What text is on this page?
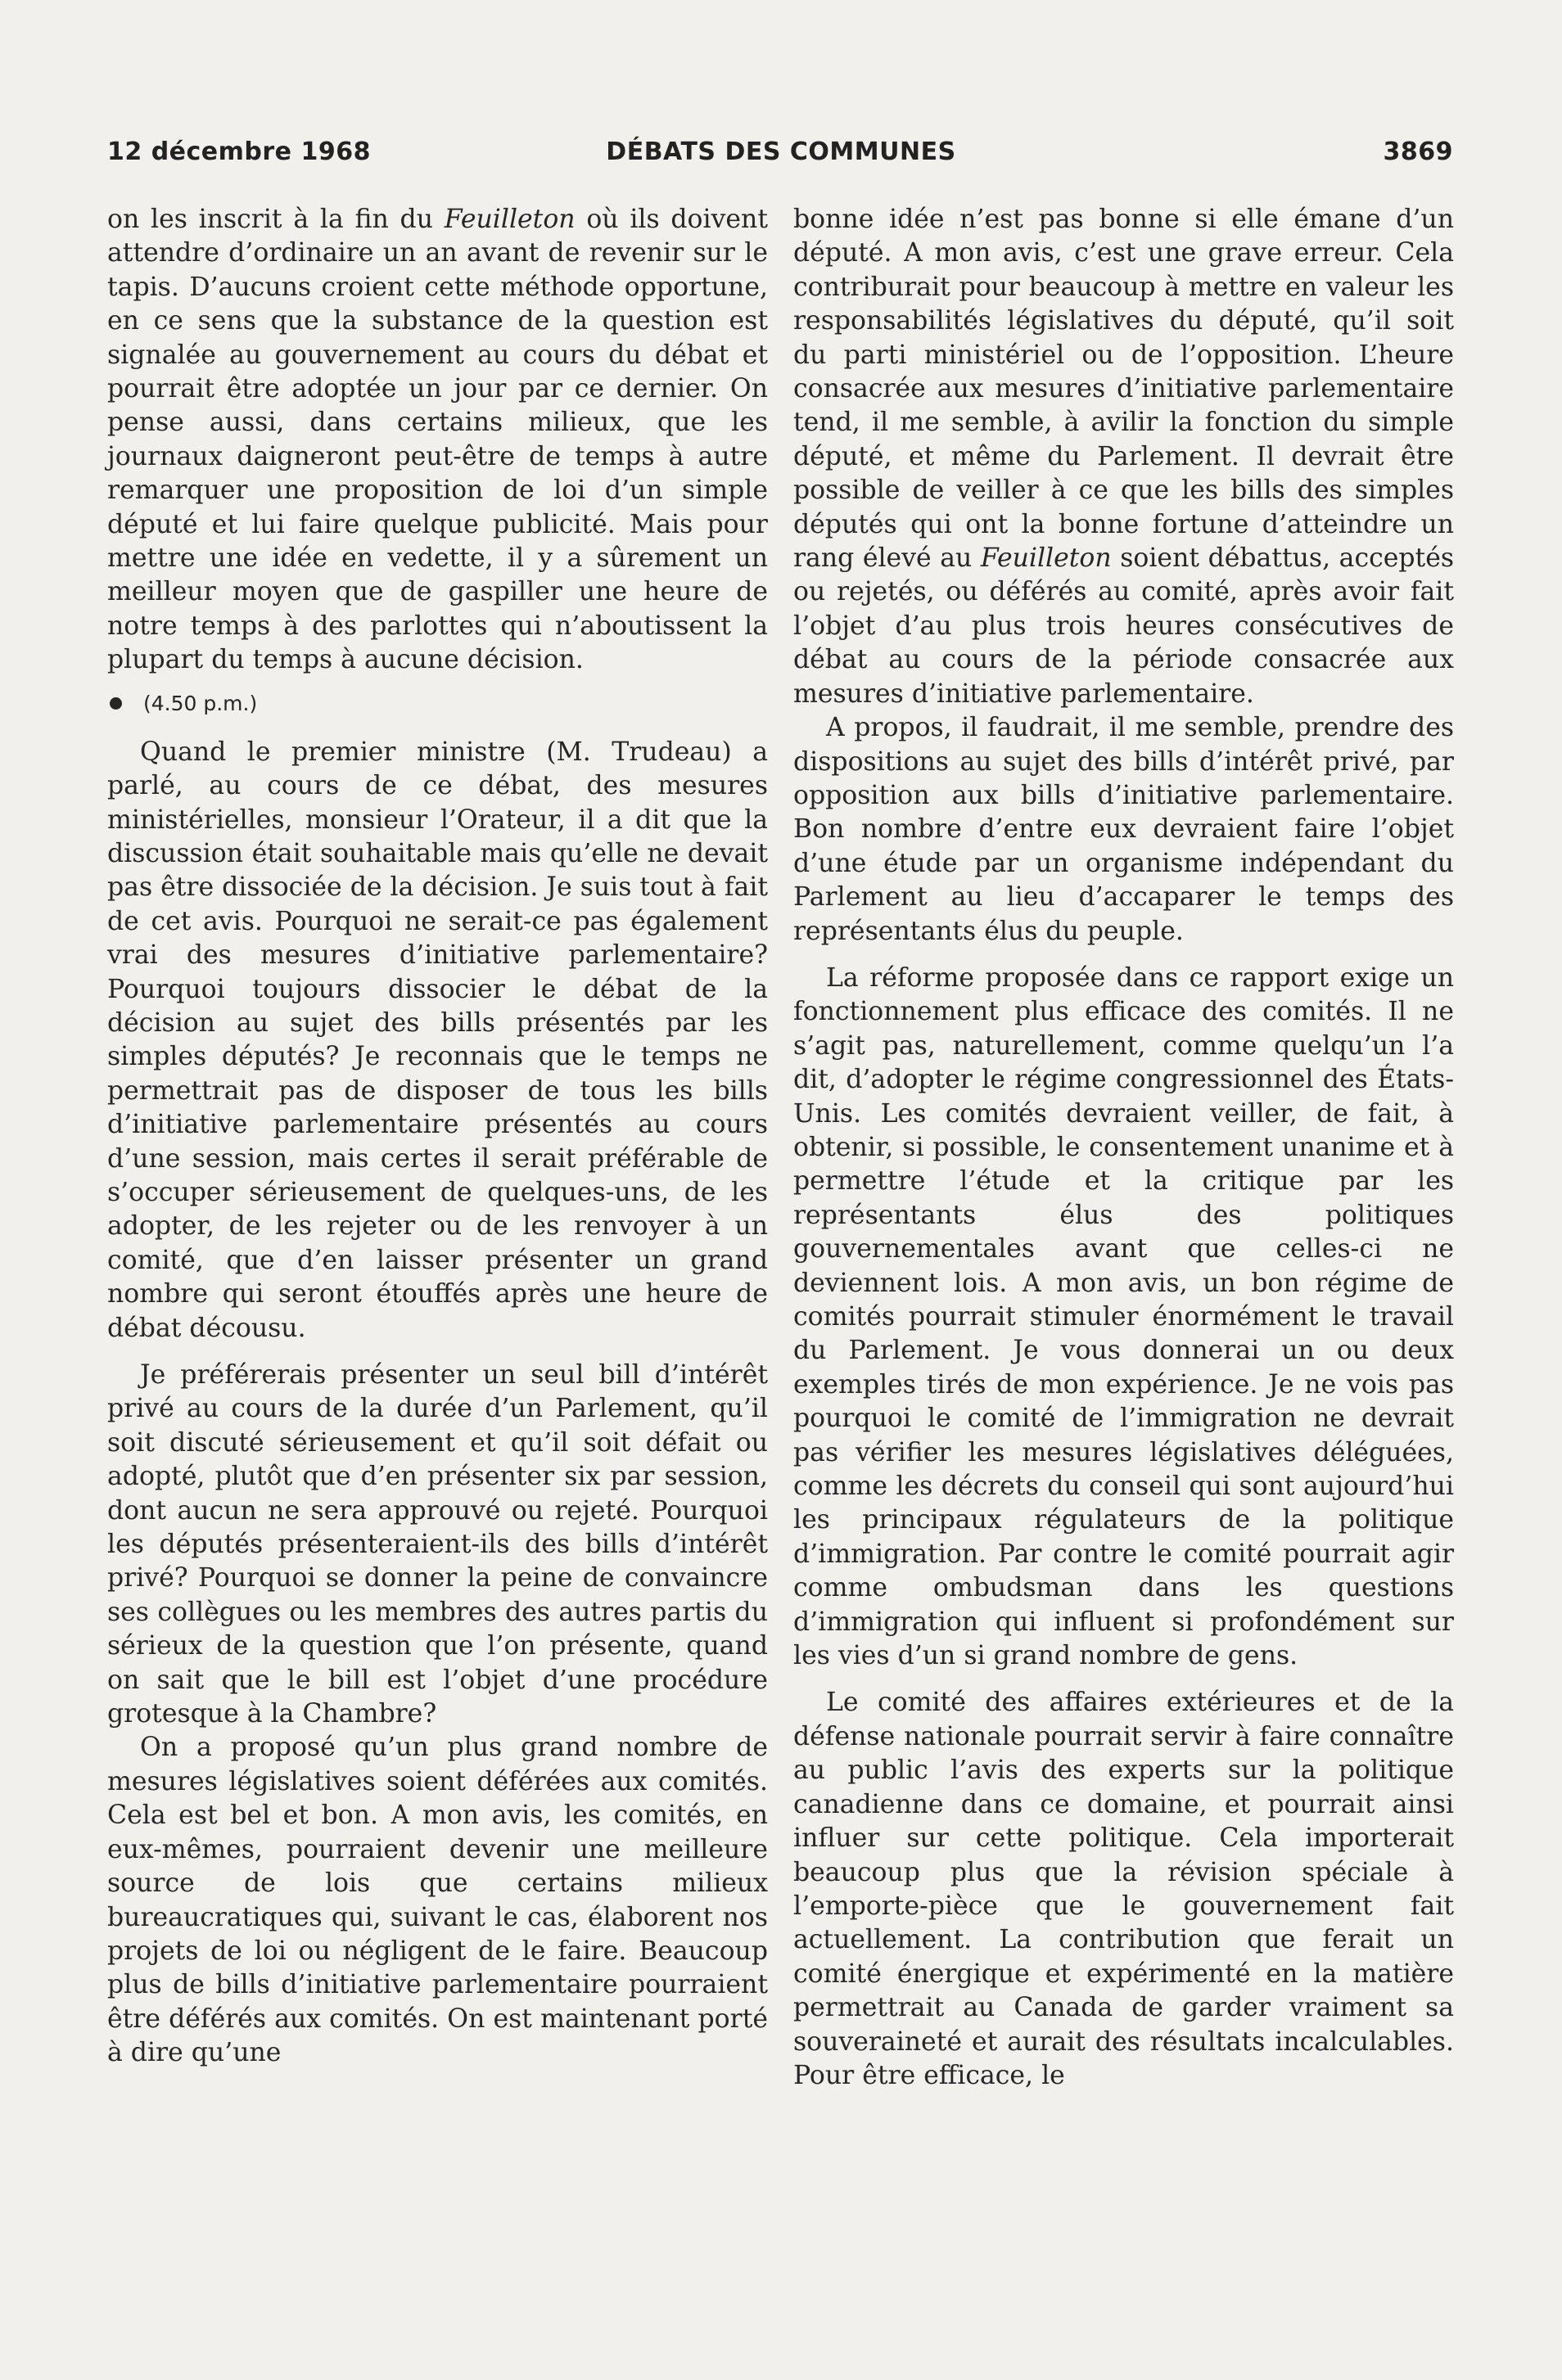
DÉBATS DES COMMUNES
12 décembre 1968	3869

on les inscrit à la fin du Feuilleton où ils doivent attendre d’ordinaire un an avant de revenir sur le tapis. D’aucuns croient cette méthode opportune, en ce sens que la substance de la question est signalée au gouvernement au cours du débat et pourrait être adoptée un jour par ce dernier. On pense aussi, dans certains milieux, que les journaux daigneront peut-être de temps à autre remarquer une proposition de loi d’un simple député et lui faire quelque publicité. Mais pour mettre une idée en vedette, il y a sûrement un meilleur moyen que de gaspiller une heure de notre temps à des parlottes qui n’aboutissent la plupart du temps à aucune décision.

(4.50 p.m.)

Quand le premier ministre (M. Trudeau) a parlé, au cours de ce débat, des mesures ministérielles, monsieur l’Orateur, il a dit que la discussion était souhaitable mais qu’elle ne devait pas être dissociée de la décision. Je suis tout à fait de cet avis. Pourquoi ne serait-ce pas également vrai des mesures d’initiative parlementaire? Pourquoi toujours dissocier le débat de la décision au sujet des bills présentés par les simples députés? Je reconnais que le temps ne permettrait pas de disposer de tous les bills d’initiative parlementaire présentés au cours d’une session, mais certes il serait préférable de s’occuper sérieusement de quelques-uns, de les adopter, de les rejeter ou de les renvoyer à un comité, que d’en laisser présenter un grand nombre qui seront étouffés après une heure de débat décousu.

Je préférerais présenter un seul bill d’intérêt privé au cours de la durée d’un Parlement, qu’il soit discuté sérieusement et qu’il soit défait ou adopté, plutôt que d’en présenter six par session, dont aucun ne sera approuvé ou rejeté. Pourquoi les députés présenteraient-ils des bills d’intérêt privé? Pourquoi se donner la peine de convaincre ses collègues ou les membres des autres partis du sérieux de la question que l’on présente, quand on sait que le bill est l’objet d’une procédure grotesque à la Chambre?

On a proposé qu’un plus grand nombre de mesures législatives soient déférées aux comités. Cela est bel et bon. A mon avis, les comités, en eux-mêmes, pourraient devenir une meilleure source de lois que certains milieux bureaucratiques qui, suivant le cas, élaborent nos projets de loi ou négligent de le faire. Beaucoup plus de bills d’initiative parlementaire pourraient être déférés aux comités. On est maintenant porté à dire qu’une

bonne idée n’est pas bonne si elle émane d’un député. A mon avis, c’est une grave erreur. Cela contriburait pour beaucoup à mettre en valeur les responsabilités législatives du député, qu’il soit du parti ministériel ou de l’opposition. L’heure consacrée aux mesures d’initiative parlementaire tend, il me semble, à avilir la fonction du simple député, et même du Parlement. Il devrait être possible de veiller à ce que les bills des simples députés qui ont la bonne fortune d’atteindre un rang élevé au Feuilleton soient débattus, acceptés ou rejetés, ou déférés au comité, après avoir fait l’objet d’au plus trois heures consécutives de débat au cours de la période consacrée aux mesures d’initiative parlementaire.

A propos, il faudrait, il me semble, prendre des dispositions au sujet des bills d’intérêt privé, par opposition aux bills d’initiative parlementaire. Bon nombre d’entre eux devraient faire l’objet d’une étude par un organisme indépendant du Parlement au lieu d’accaparer le temps des représentants élus du peuple.

La réforme proposée dans ce rapport exige un fonctionnement plus efficace des comités. Il ne s’agit pas, naturellement, comme quelqu’un l’a dit, d’adopter le régime congressionnel des États-Unis. Les comités devraient veiller, de fait, à obtenir, si possible, le consentement unanime et à permettre l’étude et la critique par les représentants élus des politiques gouvernementales avant que celles-ci ne deviennent lois. A mon avis, un bon régime de comités pourrait stimuler énormément le travail du Parlement. Je vous donnerai un ou deux exemples tirés de mon expérience. Je ne vois pas pourquoi le comité de l’immigration ne devrait pas vérifier les mesures législatives déléguées, comme les décrets du conseil qui sont aujourd’hui les principaux régulateurs de la politique d’immigration. Par contre le comité pourrait agir comme ombudsman dans les questions d’immigration qui influent si profondément sur les vies d’un si grand nombre de gens.

Le comité des affaires extérieures et de la défense nationale pourrait servir à faire connaître au public l’avis des experts sur la politique canadienne dans ce domaine, et pourrait ainsi influer sur cette politique. Cela importerait beaucoup plus que la révision spéciale à l’emporte-pièce que le gouvernement fait actuellement. La contribution que ferait un comité énergique et expérimenté en la matière permettrait au Canada de garder vraiment sa souveraineté et aurait des résultats incalculables. Pour être efficace, le
